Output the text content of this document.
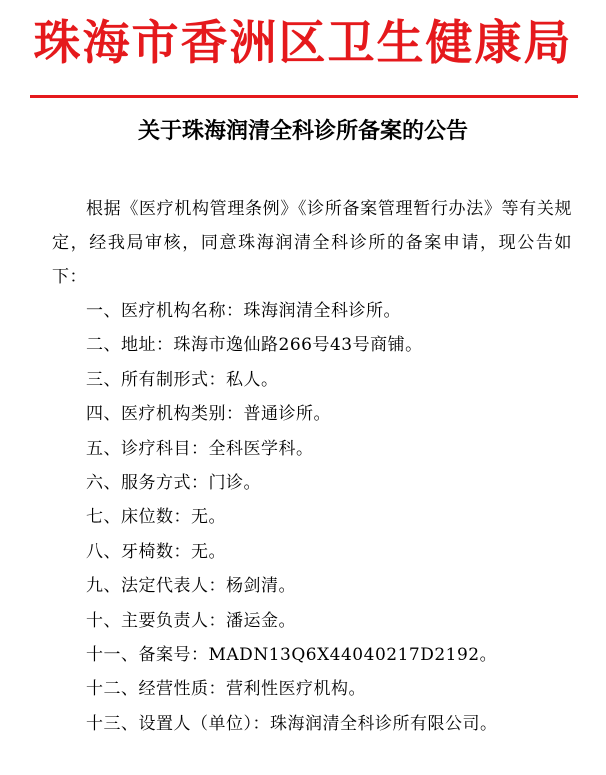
珠海市香洲区卫生健康局
关于珠海润清全科诊所备案的公告

根据《医疗机构管理条例》《诊所备案管理暂行办法》等有关规定，经我局审核，同意珠海润清全科诊所的备案申请，现公告如下：

一、医疗机构名称：珠海润清全科诊所。
二、地址：珠海市逸仙路266号43号商铺。
三、所有制形式：私人。
四、医疗机构类别：普通诊所。
五、诊疗科目：全科医学科。
六、服务方式：门诊。
七、床位数：无。
八、牙椅数：无。
九、法定代表人：杨剑清。
十、主要负责人：潘运金。
十一、备案号：MADN13Q6X44040217D2192。
十二、经营性质：营利性医疗机构。
十三、设置人（单位）：珠海润清全科诊所有限公司。
